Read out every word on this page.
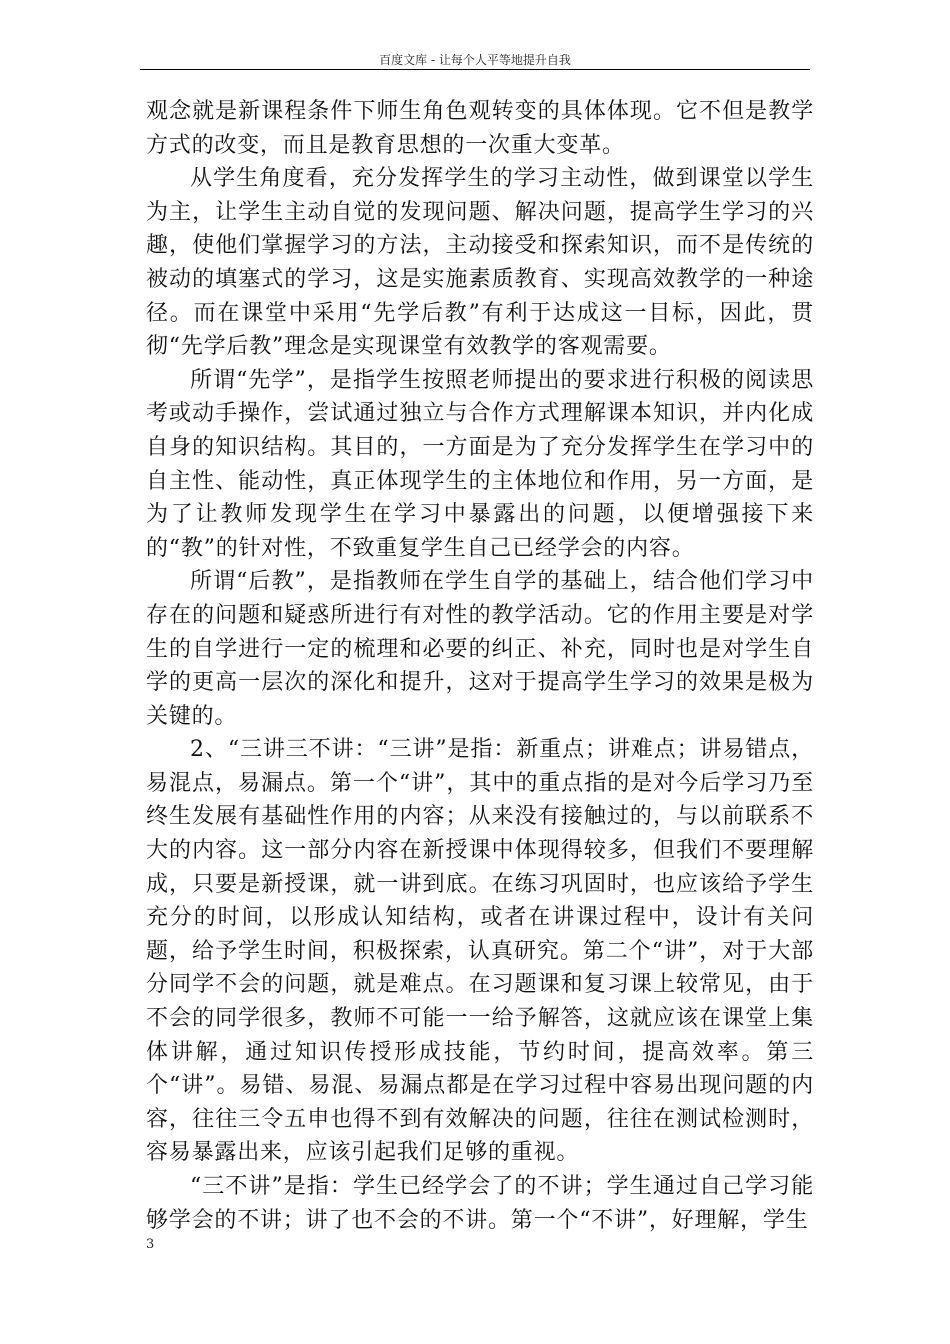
百度文库 - 让每个人平等地提升自我

观念就是新课程条件下师生角色观转变的具体体现。它不但是教学方式的改变，而且是教育思想的一次重大变革。

从学生角度看，充分发挥学生的学习主动性，做到课堂以学生为主，让学生主动自觉的发现问题、解决问题，提高学生学习的兴趣，使他们掌握学习的方法，主动接受和探索知识，而不是传统的被动的填塞式的学习，这是实施素质教育、实现高效教学的一种途径。而在课堂中采用“先学后教”有利于达成这一目标，因此，贯彻“先学后教”理念是实现课堂有效教学的客观需要。

所谓“先学”，是指学生按照老师提出的要求进行积极的阅读思考或动手操作，尝试通过独立与合作方式理解课本知识，并内化成自身的知识结构。其目的，一方面是为了充分发挥学生在学习中的自主性、能动性，真正体现学生的主体地位和作用，另一方面，是为了让教师发现学生在学习中暴露出的问题，以便增强接下来的“教”的针对性，不致重复学生自己已经学会的内容。

所谓“后教”，是指教师在学生自学的基础上，结合他们学习中存在的问题和疑惑所进行有对性的教学活动。它的作用主要是对学生的自学进行一定的梳理和必要的纠正、补充，同时也是对学生自学的更高一层次的深化和提升，这对于提高学生学习的效果是极为关键的。

2、“三讲三不讲：“三讲”是指：新重点；讲难点；讲易错点，易混点，易漏点。第一个“讲”，其中的重点指的是对今后学习乃至终生发展有基础性作用的内容；从来没有接触过的，与以前联系不大的内容。这一部分内容在新授课中体现得较多，但我们不要理解成，只要是新授课，就一讲到底。在练习巩固时，也应该给予学生充分的时间，以形成认知结构，或者在讲课过程中，设计有关问题，给予学生时间，积极探索，认真研究。第二个“讲”，对于大部分同学不会的问题，就是难点。在习题课和复习课上较常见，由于不会的同学很多，教师不可能一一给予解答，这就应该在课堂上集体讲解，通过知识传授形成技能，节约时间，提高效率。第三个“讲”。易错、易混、易漏点都是在学习过程中容易出现问题的内容，往往三令五申也得不到有效解决的问题，往往在测试检测时，容易暴露出来，应该引起我们足够的重视。

“三不讲”是指：学生已经学会了的不讲；学生通过自己学习能够学会的不讲；讲了也不会的不讲。第一个“不讲”，好理解，学生

3
